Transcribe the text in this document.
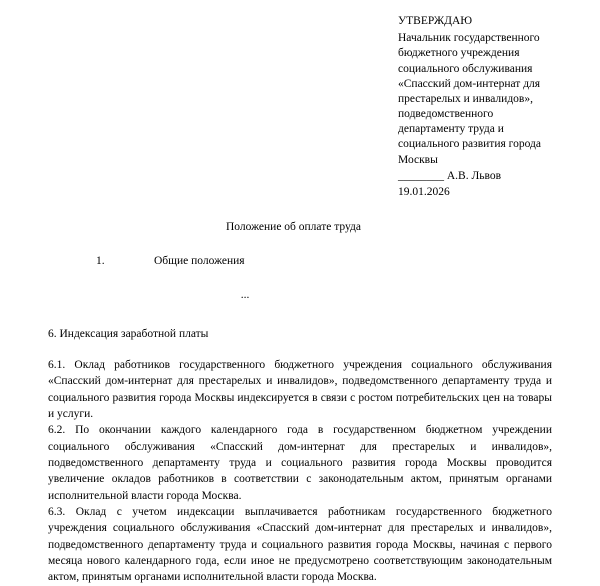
УТВЕРЖДАЮ
Начальник государственного
бюджетного учреждения
социального обслуживания
«Спасский дом-интернат для
престарелых и инвалидов»,
подведомственного
департаменту труда и
социального развития города
Москвы
________ А.В. Львов
19.01.2026
Положение об оплате труда
1.	Общие положения
...
6. Индексация заработной платы

6.1. Оклад работников государственного бюджетного учреждения социального обслуживания «Спасский дом-интернат для престарелых и инвалидов», подведомственного департаменту труда и социального развития города Москвы индексируется в связи с ростом потребительских цен на товары и услуги.

6.2. По окончании каждого календарного года в государственном бюджетном учреждении социального обслуживания «Спасский дом-интернат для престарелых и инвалидов», подведомственного департаменту труда и социального развития города Москвы проводится увеличение окладов работников в соответствии с законодательным актом, принятым органами исполнительной власти города Москва.

6.3. Оклад с учетом индексации выплачивается работникам государственного бюджетного учреждения социального обслуживания «Спасский дом-интернат для престарелых и инвалидов», подведомственного департаменту труда и социального развития города Москвы, начиная с первого месяца нового календарного года, если иное не предусмотрено соответствующим законодательным актом, принятым органами исполнительной власти города Москва.
